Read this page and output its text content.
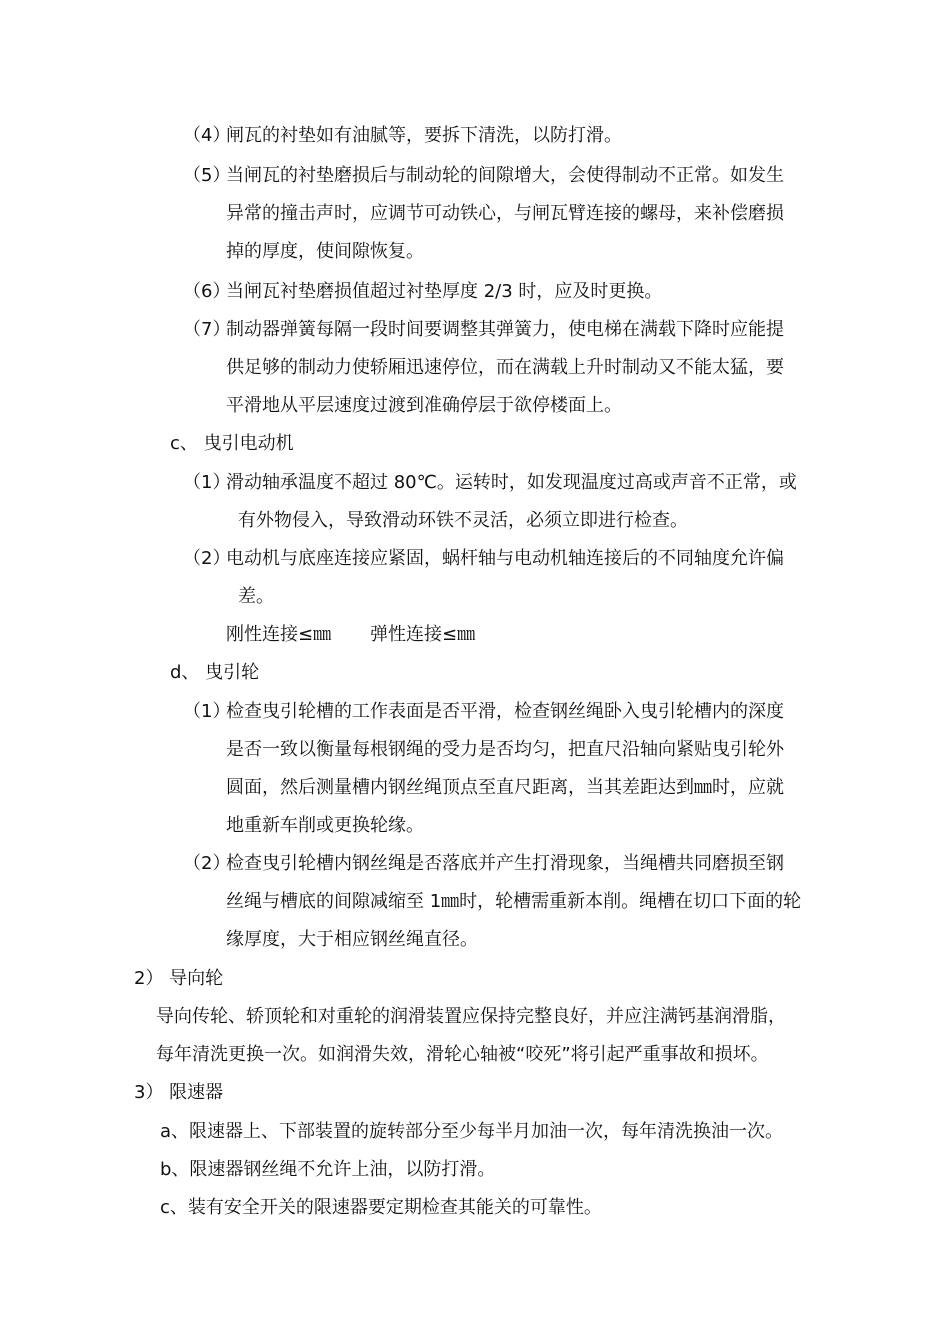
（4）
闸瓦的衬垫如有油腻等，要拆下清洗，以防打滑。
（5）
当闸瓦的衬垫磨损后与制动轮的间隙增大，会使得制动不正常。如发生
异常的撞击声时，应调节可动铁心，与闸瓦臂连接的螺母，来补偿磨损
掉的厚度，使间隙恢复。
（6）
当闸瓦衬垫磨损值超过衬垫厚度 2/3 时，应及时更换。
（7）
制动器弹簧每隔一段时间要调整其弹簧力，使电梯在满载下降时应能提
供足够的制动力使轿厢迅速停位，而在满载上升时制动又不能太猛，要
平滑地从平层速度过渡到准确停层于欲停楼面上。
c、 曳引电动机
（1）
滑动轴承温度不超过 80℃。运转时，如发现温度过高或声音不正常，或
有外物侵入，导致滑动环铁不灵活，必须立即进行检查。
（2）
电动机与底座连接应紧固，蜗杆轴与电动机轴连接后的不同轴度允许偏
差。
刚性连接≤㎜ 弹性连接≤㎜
d、 曳引轮
（1）
检查曳引轮槽的工作表面是否平滑，检查钢丝绳卧入曳引轮槽内的深度
是否一致以衡量每根钢绳的受力是否均匀，把直尺沿轴向紧贴曳引轮外
圆面，然后测量槽内钢丝绳顶点至直尺距离，当其差距达到㎜时，应就
地重新车削或更换轮缘。
（2）
检查曳引轮槽内钢丝绳是否落底并产生打滑现象，当绳槽共同磨损至钢
丝绳与槽底的间隙减缩至 1㎜时，轮槽需重新本削。绳槽在切口下面的轮
缘厚度，大于相应钢丝绳直径。
2） 导向轮
导向传轮、轿顶轮和对重轮的润滑装置应保持完整良好，并应注满钙基润滑脂，
每年清洗更换一次。如润滑失效，滑轮心轴被“咬死”将引起严重事故和损坏。
3） 限速器
a、限速器上、下部装置的旋转部分至少每半月加油一次，每年清洗换油一次。
b、限速器钢丝绳不允许上油，以防打滑。
c、装有安全开关的限速器要定期检查其能关的可靠性。
